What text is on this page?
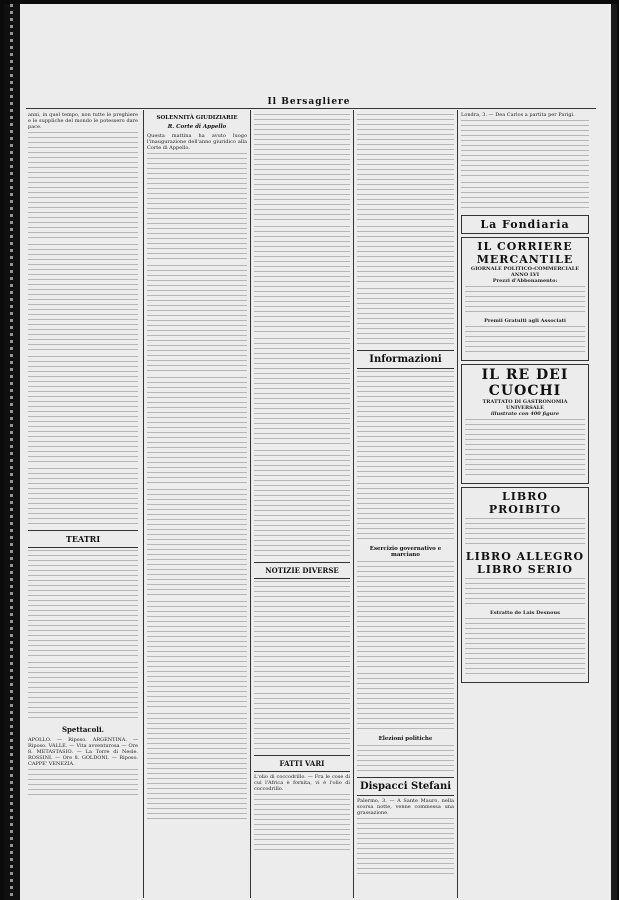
Il Bersagliere
anni, in quel tempo, non tutte le preghiere e le suppliche del mondo le potessero dare pace.
TEATRI
Spettacoli.
APOLLO. — Riposo. ARGENTINA. — Riposo. VALLE. — Vita avventurosa — Ore 8. METASTASIO. — La Torre di Nesle. ROSSINI. — Ore 8. GOLDONI. — Riposo. CAPPE' VENEZIA.
SOLENNITÀ GIUDIZIARIE
R. Corte di Appello
Questa mattina ha avuto luogo l'inaugurazione dell'anno giuridico alla Corte di Appello.
NOTIZIE DIVERSE
FATTI VARI
L'olio di coccodrillo. — Fra le cose di cui l'Africa è fornita, vi è l'olio di coccodrillo.
Informazioni
Esercizio governativo e marciano
Elezioni politiche
Dispacci Stefani
Palermo, 3. — A Sante Mauro, nella scorsa notte, venne commessa una grassazione.
Londra, 3. — Dea Carlos a partita per Parigi.
La Fondiaria
IL CORRIERE MERCANTILE
GIORNALE POLITICO-COMMERCIALE
ANNO LVI
Prezzi d'Abbonamento:
Premii Gratuiti agli Associati
IL RE DEI CUOCHI
TRATTATO DI GASTRONOMIA UNIVERSALE
illustrato con 400 figure
LIBRO PROIBITO
LIBRO ALLEGRO
LIBRO SERIO
Estratto de Lais Desnous
